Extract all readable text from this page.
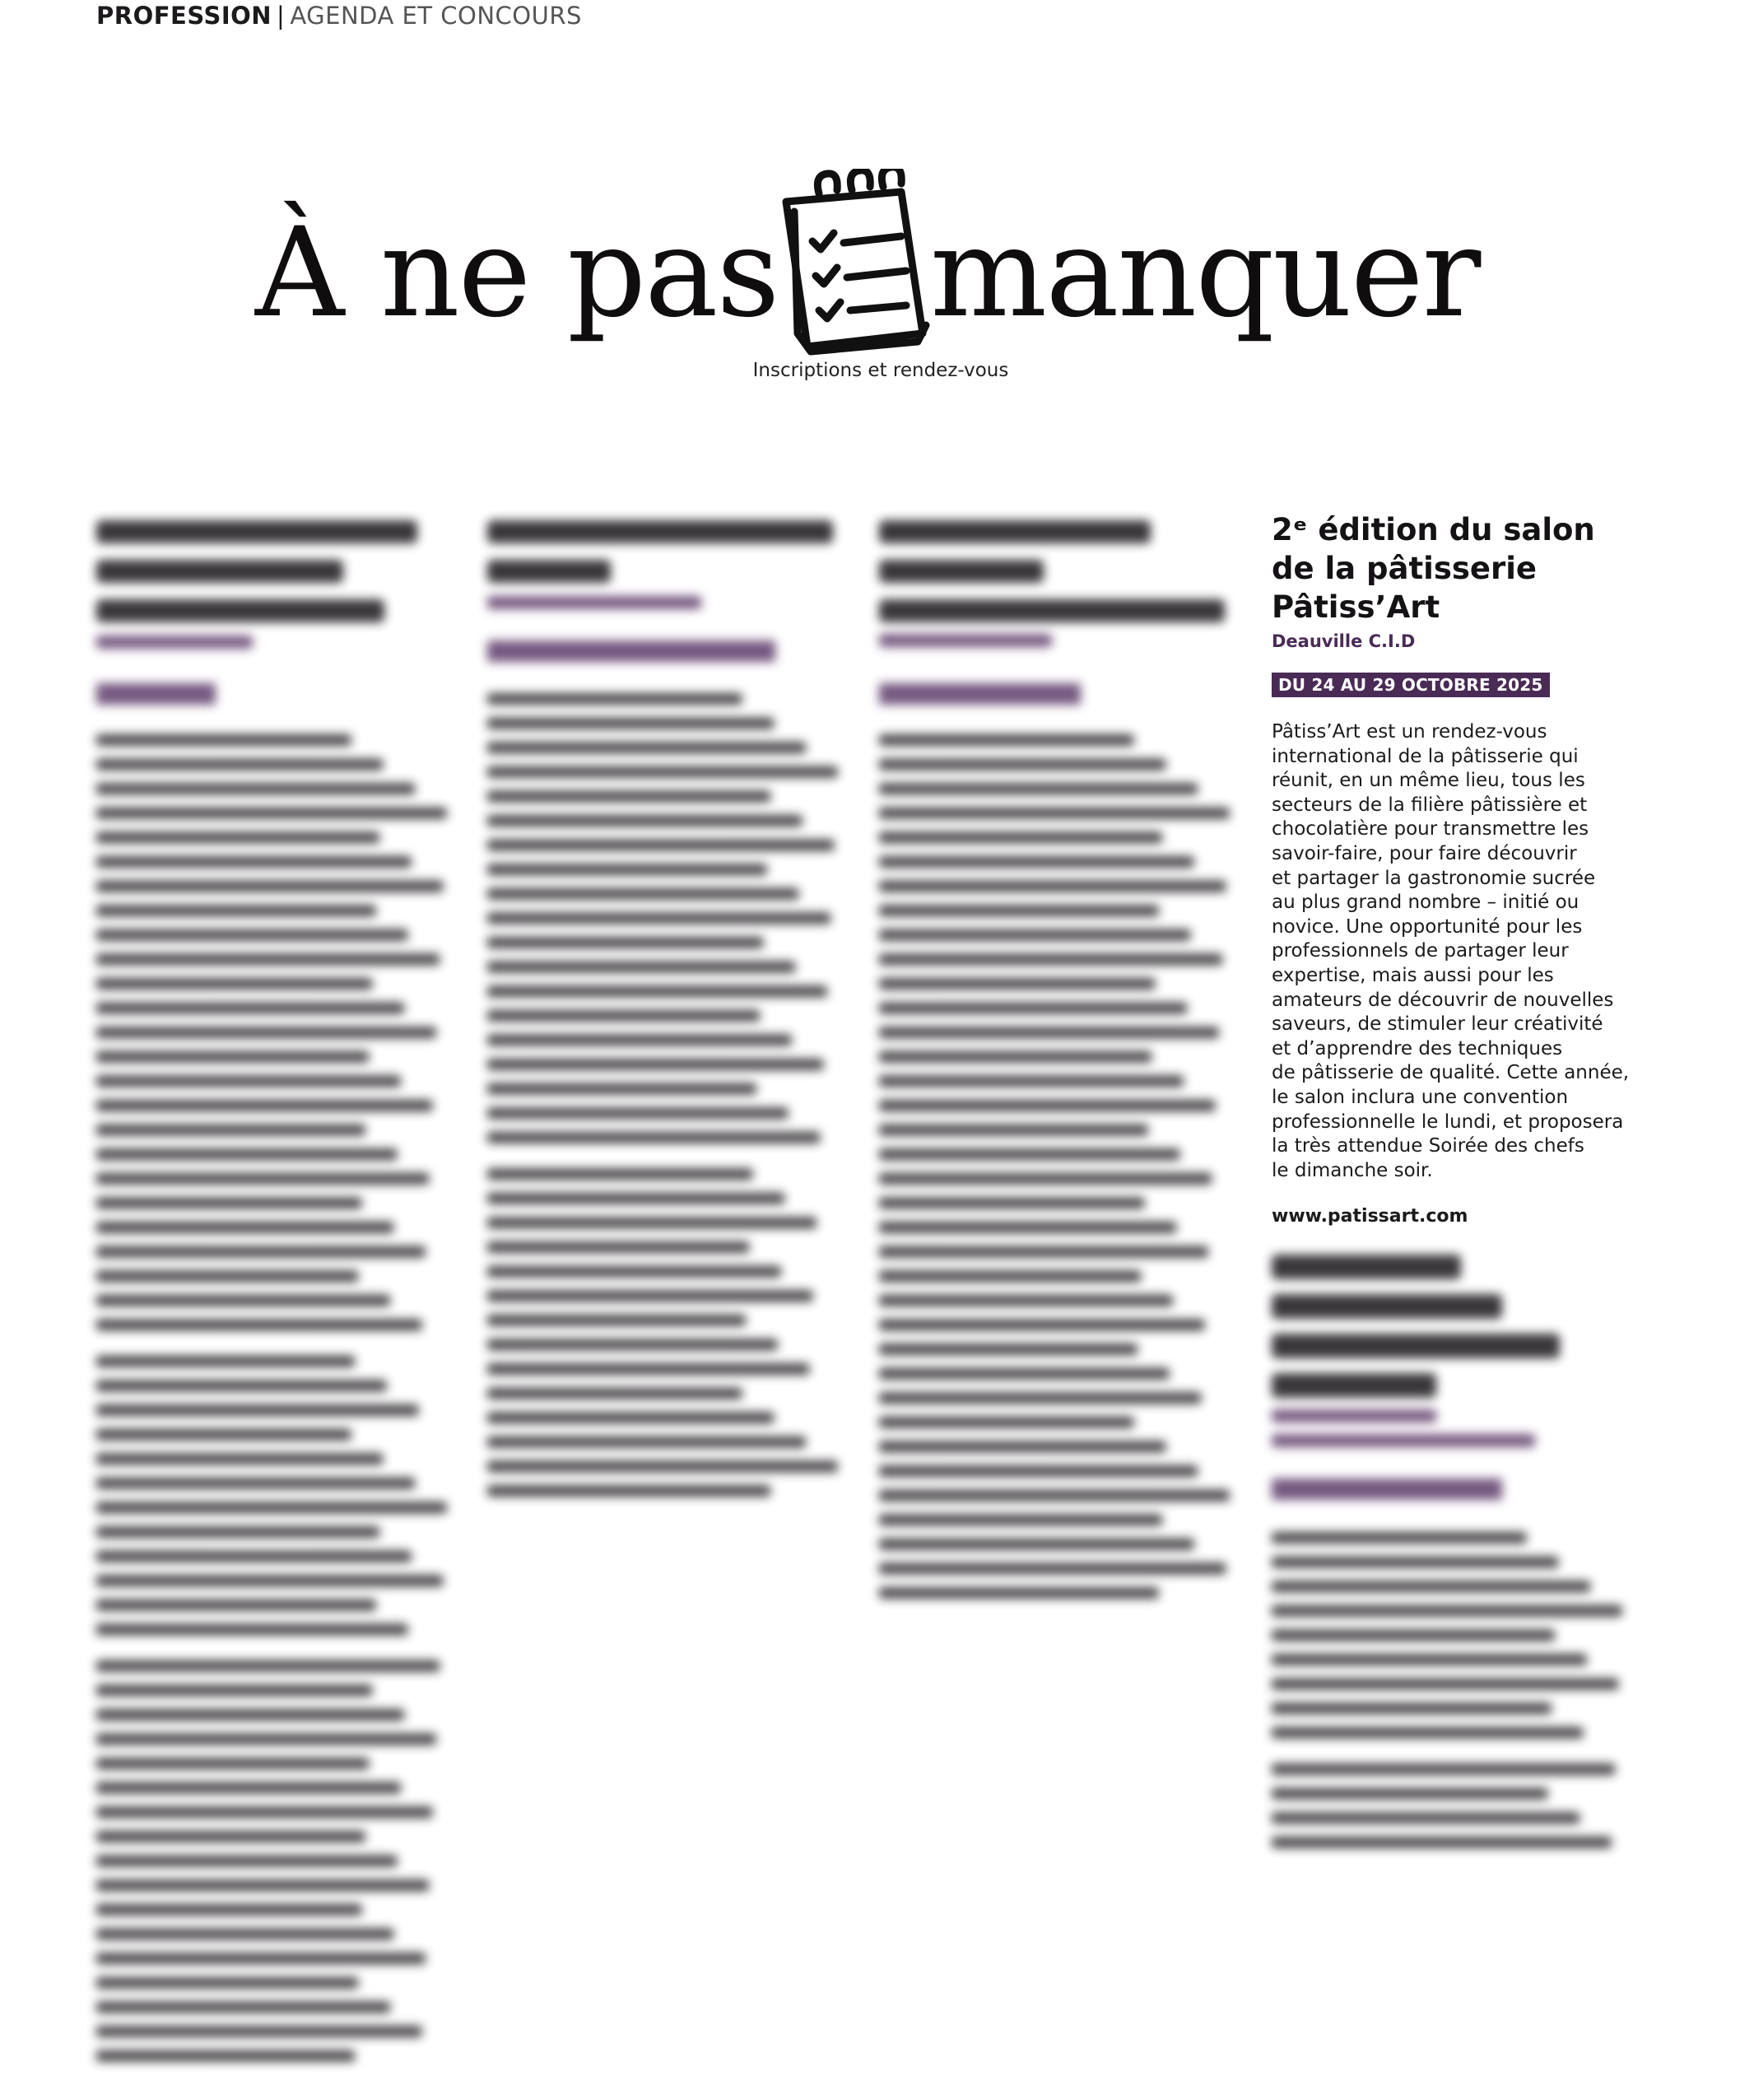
PROFESSION | AGENDA ET CONCOURS
À ne pas manquer
Inscriptions et rendez-vous
2ᵉ édition du salon de la pâtisserie Pâtiss’Art
Deauville C.I.D
DU 24 AU 29 OCTOBRE 2025
Pâtiss’Art est un rendez-vous
international de la pâtisserie qui
réunit, en un même lieu, tous les
secteurs de la filière pâtissière et
chocolatière pour transmettre les
savoir-faire, pour faire découvrir
et partager la gastronomie sucrée
au plus grand nombre – initié ou
novice. Une opportunité pour les
professionnels de partager leur
expertise, mais aussi pour les
amateurs de découvrir de nouvelles
saveurs, de stimuler leur créativité
et d’apprendre des techniques
de pâtisserie de qualité. Cette année,
le salon inclura une convention
professionnelle le lundi, et proposera
la très attendue Soirée des chefs
le dimanche soir.
www.patissart.com
